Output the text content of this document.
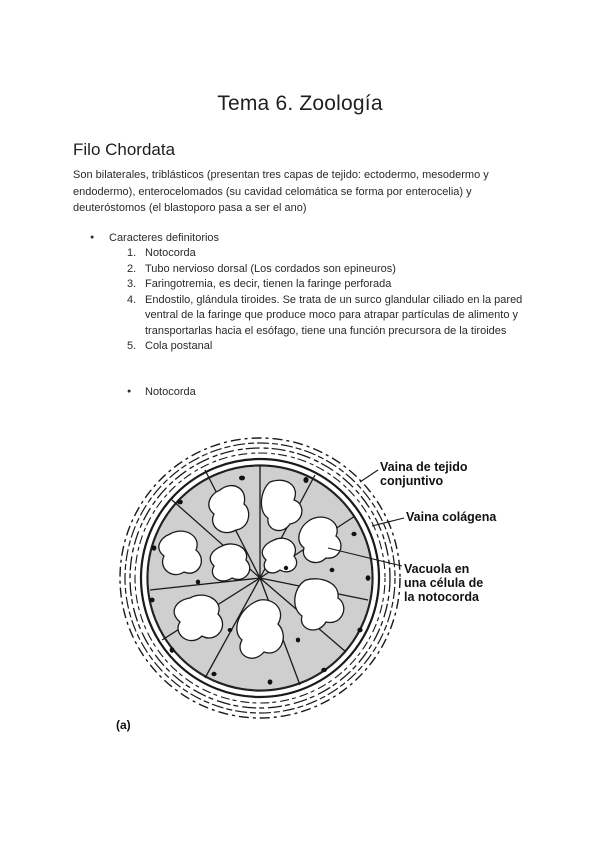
Tema 6. Zoología
Filo Chordata

Son bilaterales, triblásticos (presentan tres capas de tejido: ectodermo, mesodermo y endodermo), enterocelomados (su cavidad celomática se forma por enterocelia) y deuteróstomos (el blastoporo pasa a ser el ano)

● Caracteres definitorios
1. Notocorda
2. Tubo nervioso dorsal (Los cordados son epineuros)
3. Faringotremia, es decir, tienen la faringe perforada
4. Endostilo, glándula tiroides. Se trata de un surco glandular ciliado en la pared ventral de la faringe que produce moco para atrapar partículas de alimento y transportarlas hacia el esófago, tiene una función precursora de la tiroides
5. Cola postanal
● Notocorda
Vaina de tejido
conjuntivo
Vaina colágena
Vacuola en
una célula de
la notocorda
(a)
